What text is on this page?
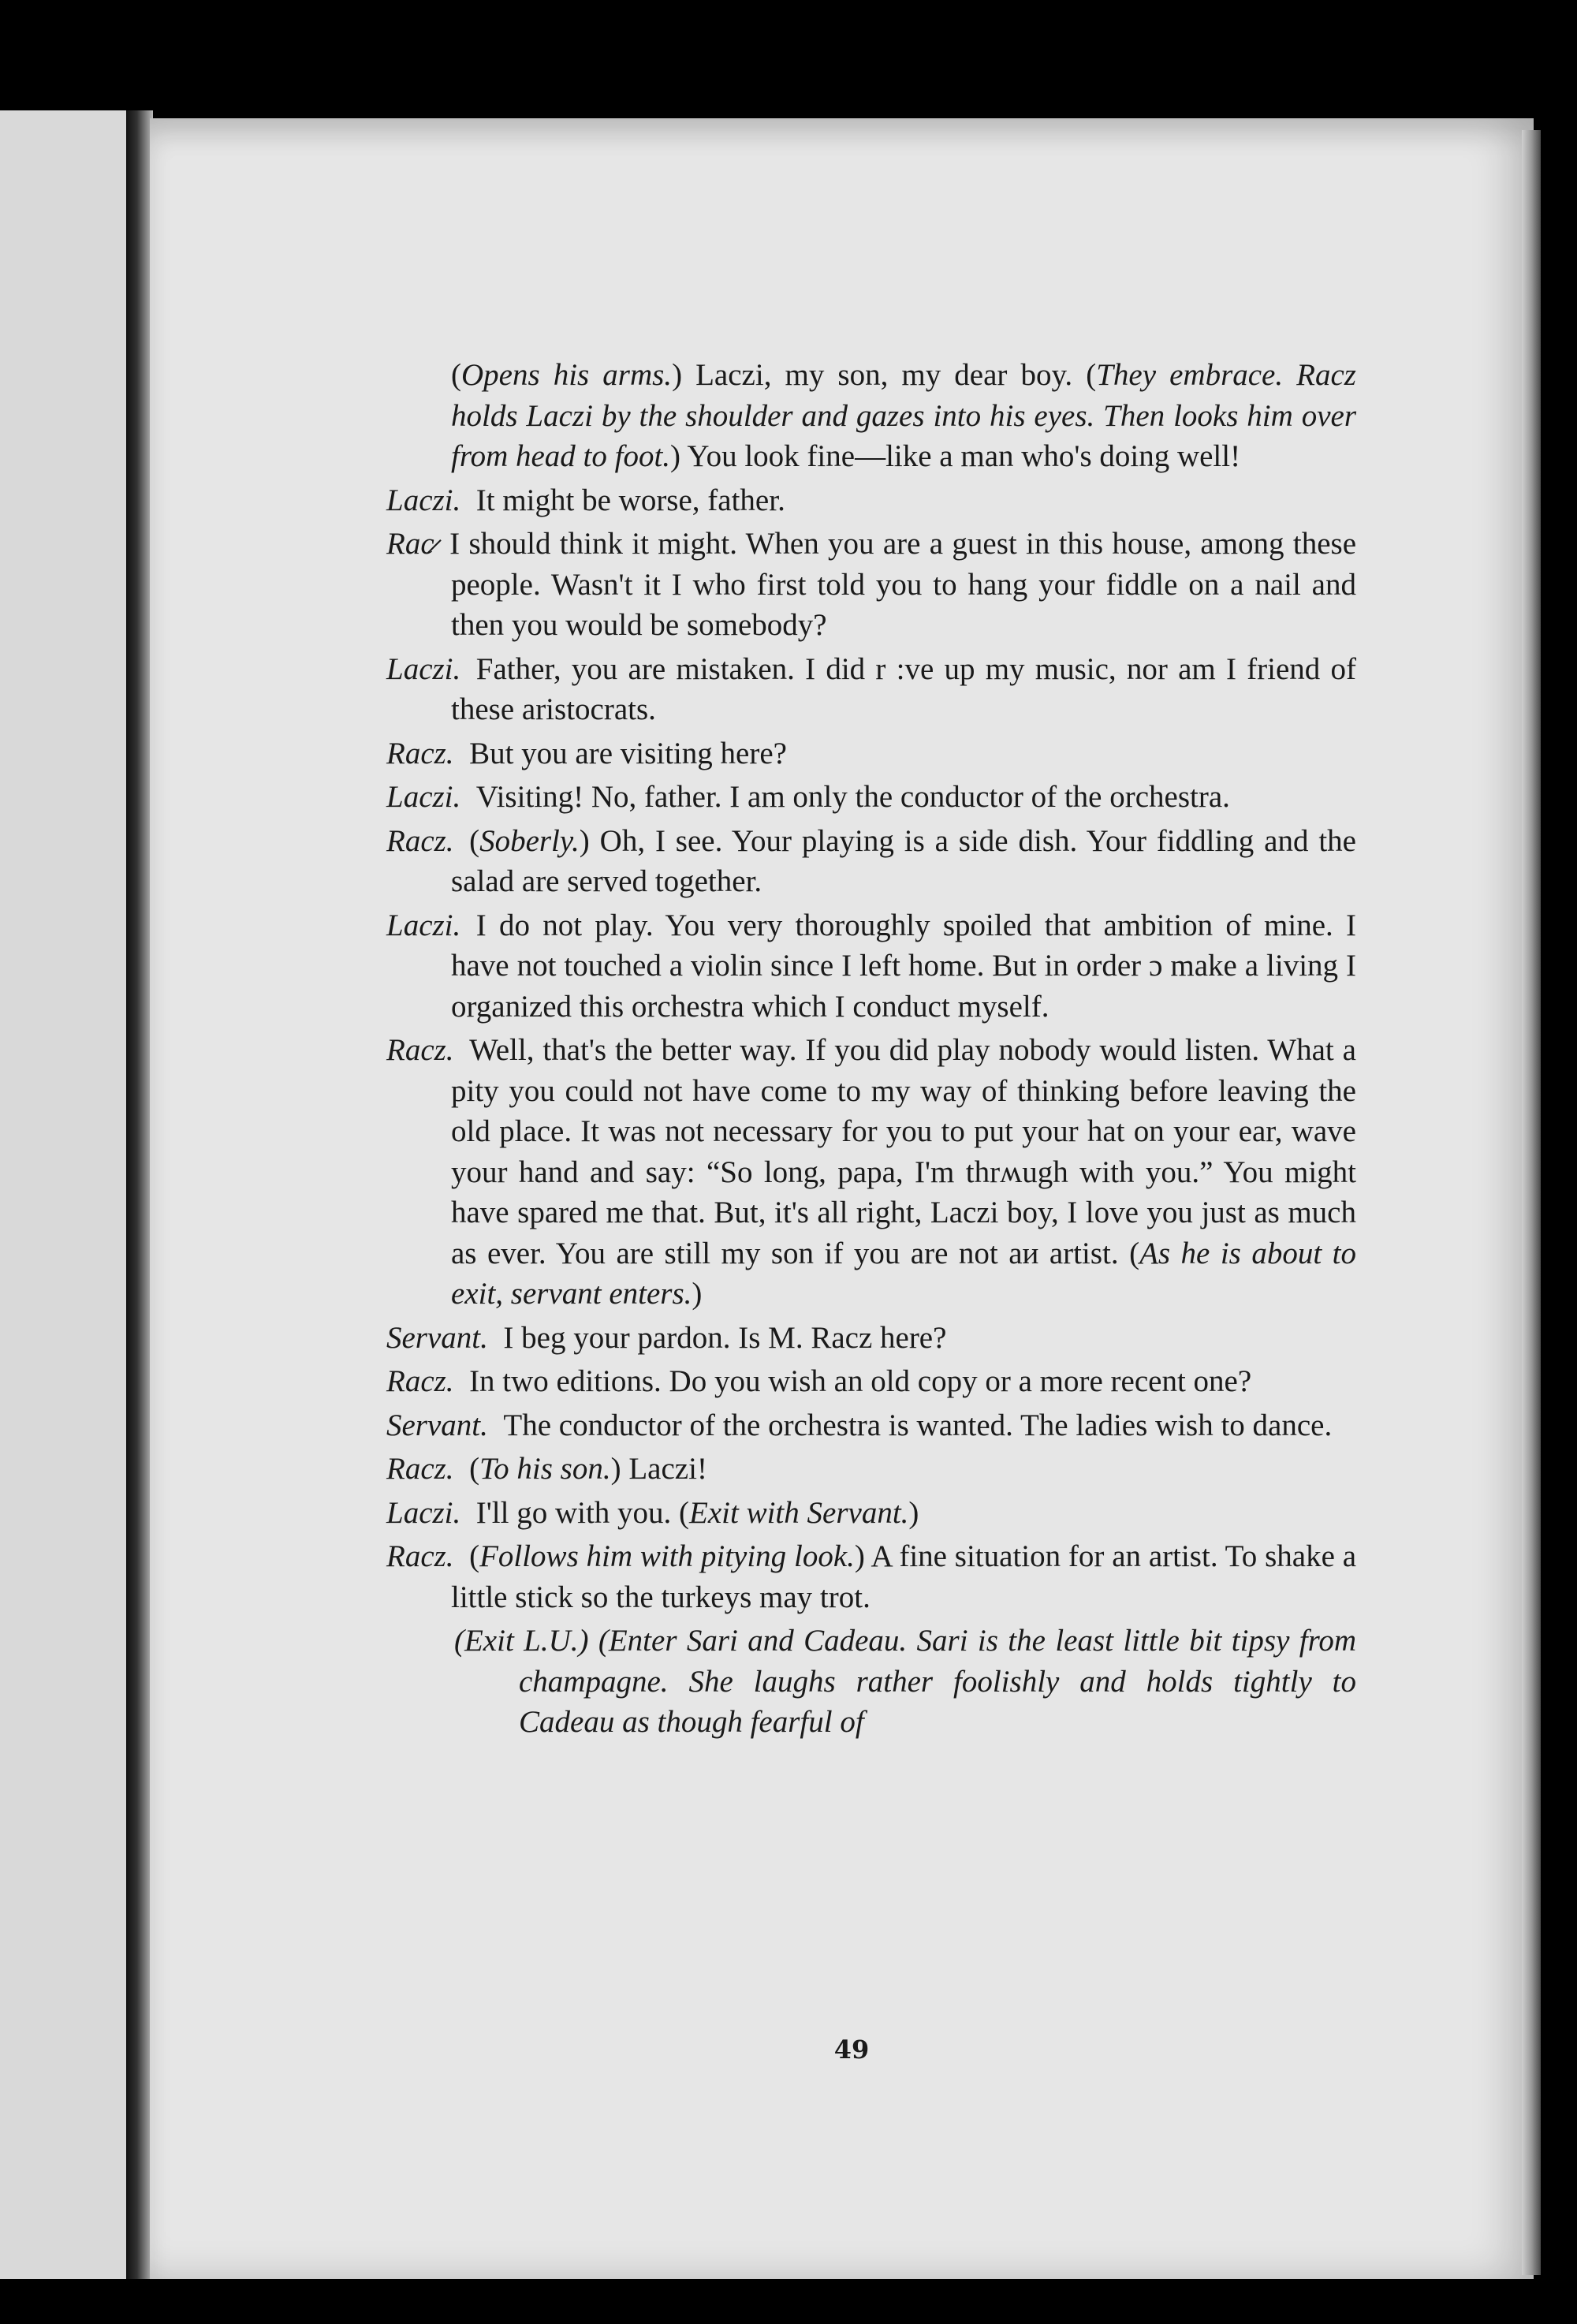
(Opens his arms.) Laczi, my son, my dear boy. (They embrace. Racz holds Laczi by the shoulder and gazes into his eyes. Then looks him over from head to foot.) You look fine—like a man who's doing well!

Laczi.  It might be worse, father.

Rac̷  I should think it might. When you are a guest in this house, among these people. Wasn't it I who first told you to hang your fiddle on a nail and then you would be somebody?

Laczi.  Father, you are mistaken. I did r :ve up my music, nor am I friend of these aristocrats.

Racz.  But you are visiting here?

Laczi.  Visiting! No, father. I am only the conductor of the orchestra.

Racz.  (Soberly.) Oh, I see. Your playing is a side dish. Your fiddling and the salad are served together.

Laczi.  I do not play. You very thoroughly spoiled that ambition of mine. I have not touched a violin since I left home. But in order ɔ make a living I organized this orchestra which I conduct myself.

Racz.  Well, that's the better way. If you did play nobody would listen. What a pity you could not have come to my way of thinking before leaving the old place. It was not necessary for you to put your hat on your ear, wave your hand and say: “So long, papa, I'm thrʍugh with you.” You might have spared me that. But, it's all right, Laczi boy, I love you just as much as ever. You are still my son if you are not aи artist. (As he is about to exit, servant enters.)

Servant.  I beg your pardon. Is M. Racz here?

Racz.  In two editions. Do you wish an old copy or a more recent one?

Servant.  The conductor of the orchestra is wanted. The ladies wish to dance.

Racz.  (To his son.) Laczi!

Laczi.  I'll go with you. (Exit with Servant.)

Racz.  (Follows him with pitying look.) A fine situation for an artist. To shake a little stick so the turkeys may trot.

(Exit L.U.) (Enter Sari and Cadeau. Sari is the least little bit tipsy from champagne. She laughs rather foolishly and holds tightly to Cadeau as though fearful of

49
